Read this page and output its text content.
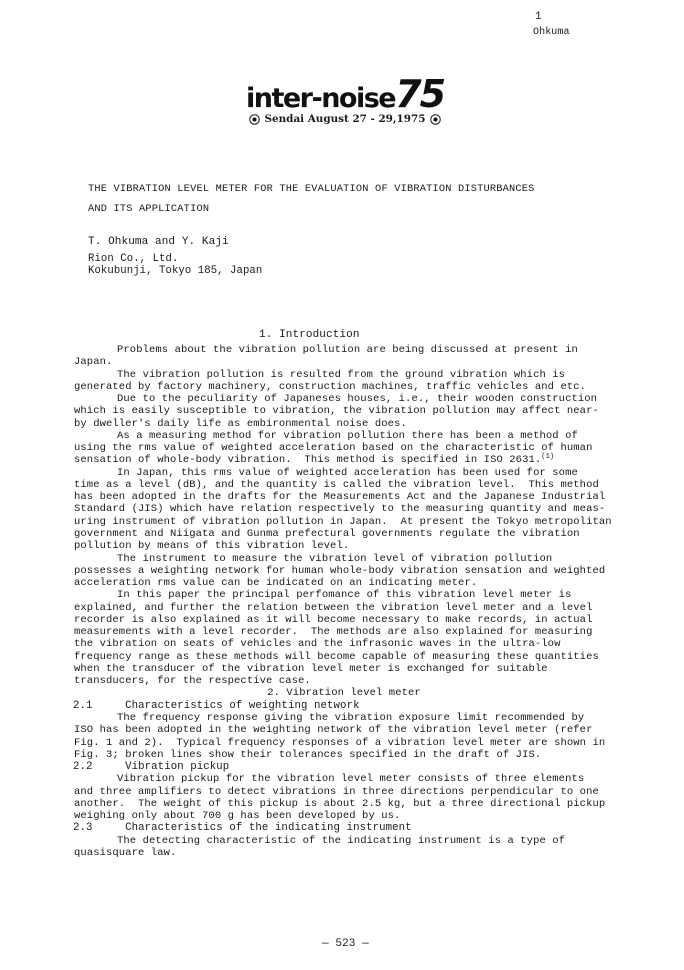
1
Ohkuma
inter-noise75
Sendai August 27 - 29,1975
THE VIBRATION LEVEL METER FOR THE EVALUATION OF VIBRATION DISTURBANCES
AND ITS APPLICATION
T. Ohkuma and Y. Kaji
Rion Co., Ltd.
Kokubunji, Tokyo 185, Japan
1. Introduction
Problems about the vibration pollution are being discussed at present in
Japan.
The vibration pollution is resulted from the ground vibration which is
generated by factory machinery, construction machines, traffic vehicles and etc.
Due to the peculiarity of Japaneses houses, i.e., their wooden construction
which is easily susceptible to vibration, the vibration pollution may affect near-
by dweller's daily life as embironmental noise does.
As a measuring method for vibration pollution there has been a method of
using the rms value of weighted acceleration based on the characteristic of human
sensation of whole-body vibration.  This method is specified in ISO 2631.$^{(1)}$
In Japan, this rms value of weighted acceleration has been used for some
time as a level (dB), and the quantity is called the vibration level.  This method
has been adopted in the drafts for the Measurements Act and the Japanese Industrial
Standard (JIS) which have relation respectively to the measuring quantity and meas-
uring instrument of vibration pollution in Japan.  At present the Tokyo metropolitan
government and Niigata and Gunma prefectural governments regulate the vibration
pollution by means of this vibration level.
The instrument to measure the vibration level of vibration pollution
possesses a weighting network for human whole-body vibration sensation and weighted
acceleration rms value can be indicated on an indicating meter.
In this paper the principal perfomance of this vibration level meter is
explained, and further the relation between the vibration level meter and a level
recorder is also explained as it will become necessary to make records, in actual
measurements with a level recorder.  The methods are also explained for measuring
the vibration on seats of vehicles and the infrasonic waves in the ultra-low
frequency range as these methods will become capable of measuring these quantities
when the transducer of the vibration level meter is exchanged for suitable
transducers, for the respective case.
2. Vibration level meter
2.1     Characteristics of weighting network
The frequency response giving the vibration exposure limit recommended by
ISO has been adopted in the weighting network of the vibration level meter (refer
Fig. 1 and 2).  Typical frequency responses of a vibration level meter are shown in
Fig. 3; broken lines show their tolerances specified in the draft of JIS.
2.2     Vibration pickup
Vibration pickup for the vibration level meter consists of three elements
and three amplifiers to detect vibrations in three directions perpendicular to one
another.  The weight of this pickup is about 2.5 kg, but a three directional pickup
weighing only about 700 g has been developed by us.
2.3     Characteristics of the indicating instrument
The detecting characteristic of the indicating instrument is a type of
quasisquare law.
— 523 —
